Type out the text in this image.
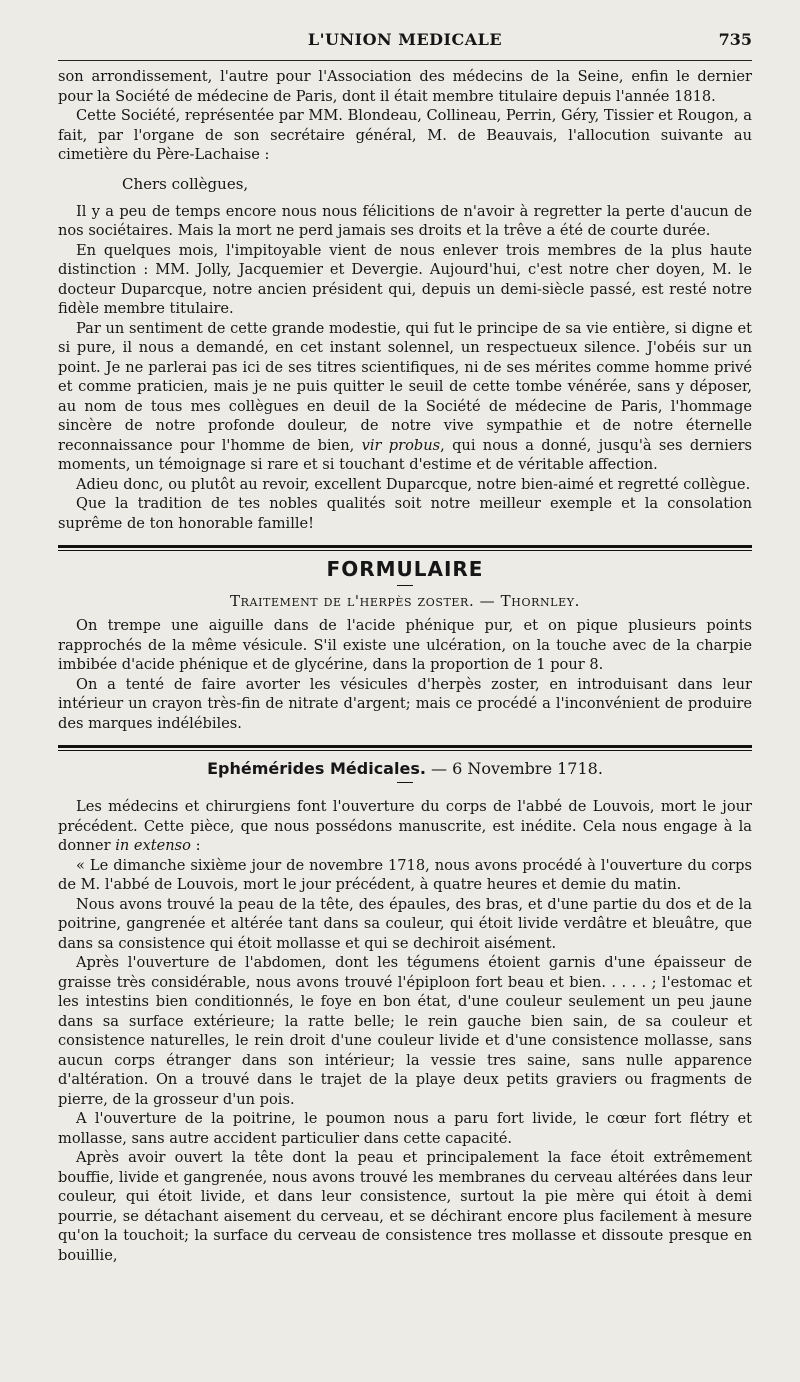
L'UNION MEDICALE	735

son arrondissement, l'autre pour l'Association des médecins de la Seine, enfin le dernier pour la Société de médecine de Paris, dont il était membre titulaire depuis l'année 1818.

Cette Société, représentée par MM. Blondeau, Collineau, Perrin, Géry, Tissier et Rougon, a fait, par l'organe de son secrétaire général, M. de Beauvais, l'allocution suivante au cimetière du Père-Lachaise :

Chers collègues,

Il y a peu de temps encore nous nous félicitions de n'avoir à regretter la perte d'aucun de nos sociétaires. Mais la mort ne perd jamais ses droits et la trêve a été de courte durée.

En quelques mois, l'impitoyable vient de nous enlever trois membres de la plus haute distinction : MM. Jolly, Jacquemier et Devergie. Aujourd'hui, c'est notre cher doyen, M. le docteur Duparcque, notre ancien président qui, depuis un demi-siècle passé, est resté notre fidèle membre titulaire.

Par un sentiment de cette grande modestie, qui fut le principe de sa vie entière, si digne et si pure, il nous a demandé, en cet instant solennel, un respectueux silence. J'obéis sur un point. Je ne parlerai pas ici de ses titres scientifiques, ni de ses mérites comme homme privé et comme praticien, mais je ne puis quitter le seuil de cette tombe vénérée, sans y déposer, au nom de tous mes collègues en deuil de la Société de médecine de Paris, l'hommage sincère de notre profonde douleur, de notre vive sympathie et de notre éternelle reconnaissance pour l'homme de bien, vir probus, qui nous a donné, jusqu'à ses derniers moments, un témoignage si rare et si touchant d'estime et de véritable affection.

Adieu donc, ou plutôt au revoir, excellent Duparcque, notre bien-aimé et regretté collègue.

Que la tradition de tes nobles qualités soit notre meilleur exemple et la consolation suprême de ton honorable famille!

FORMULAIRE
Traitement de l'herpès zoster. — Thornley.

On trempe une aiguille dans de l'acide phénique pur, et on pique plusieurs points rapprochés de la même vésicule. S'il existe une ulcération, on la touche avec de la charpie imbibée d'acide phénique et de glycérine, dans la proportion de 1 pour 8.

On a tenté de faire avorter les vésicules d'herpès zoster, en introduisant dans leur intérieur un crayon très-fin de nitrate d'argent; mais ce procédé a l'inconvénient de produire des marques indélébiles.

Ephémérides Médicales. — 6 Novembre 1718.

Les médecins et chirurgiens font l'ouverture du corps de l'abbé de Louvois, mort le jour précédent. Cette pièce, que nous possédons manuscrite, est inédite. Cela nous engage à la donner in extenso :

« Le dimanche sixième jour de novembre 1718, nous avons procédé à l'ouverture du corps de M. l'abbé de Louvois, mort le jour précédent, à quatre heures et demie du matin.

Nous avons trouvé la peau de la tête, des épaules, des bras, et d'une partie du dos et de la poitrine, gangrenée et altérée tant dans sa couleur, qui étoit livide verdâtre et bleuâtre, que dans sa consistence qui étoit mollasse et qui se dechiroit aisément.

Après l'ouverture de l'abdomen, dont les tégumens étoient garnis d'une épaisseur de graisse très considérable, nous avons trouvé l'épiploon fort beau et bien. . . . . ; l'estomac et les intestins bien conditionnés, le foye en bon état, d'une couleur seulement un peu jaune dans sa surface extérieure; la ratte belle; le rein gauche bien sain, de sa couleur et consistence naturelles, le rein droit d'une couleur livide et d'une consistence mollasse, sans aucun corps étranger dans son intérieur; la vessie tres saine, sans nulle apparence d'altération. On a trouvé dans le trajet de la playe deux petits graviers ou fragments de pierre, de la grosseur d'un pois.

A l'ouverture de la poitrine, le poumon nous a paru fort livide, le cœur fort flétry et mollasse, sans autre accident particulier dans cette capacité.

Après avoir ouvert la tête dont la peau et principalement la face étoit extrêmement bouffie, livide et gangrenée, nous avons trouvé les membranes du cerveau altérées dans leur couleur, qui étoit livide, et dans leur consistence, surtout la pie mère qui étoit à demi pourrie, se détachant aisement du cerveau, et se déchirant encore plus facilement à mesure qu'on la touchoit; la surface du cerveau de consistence tres mollasse et dissoute presque en bouillie,
